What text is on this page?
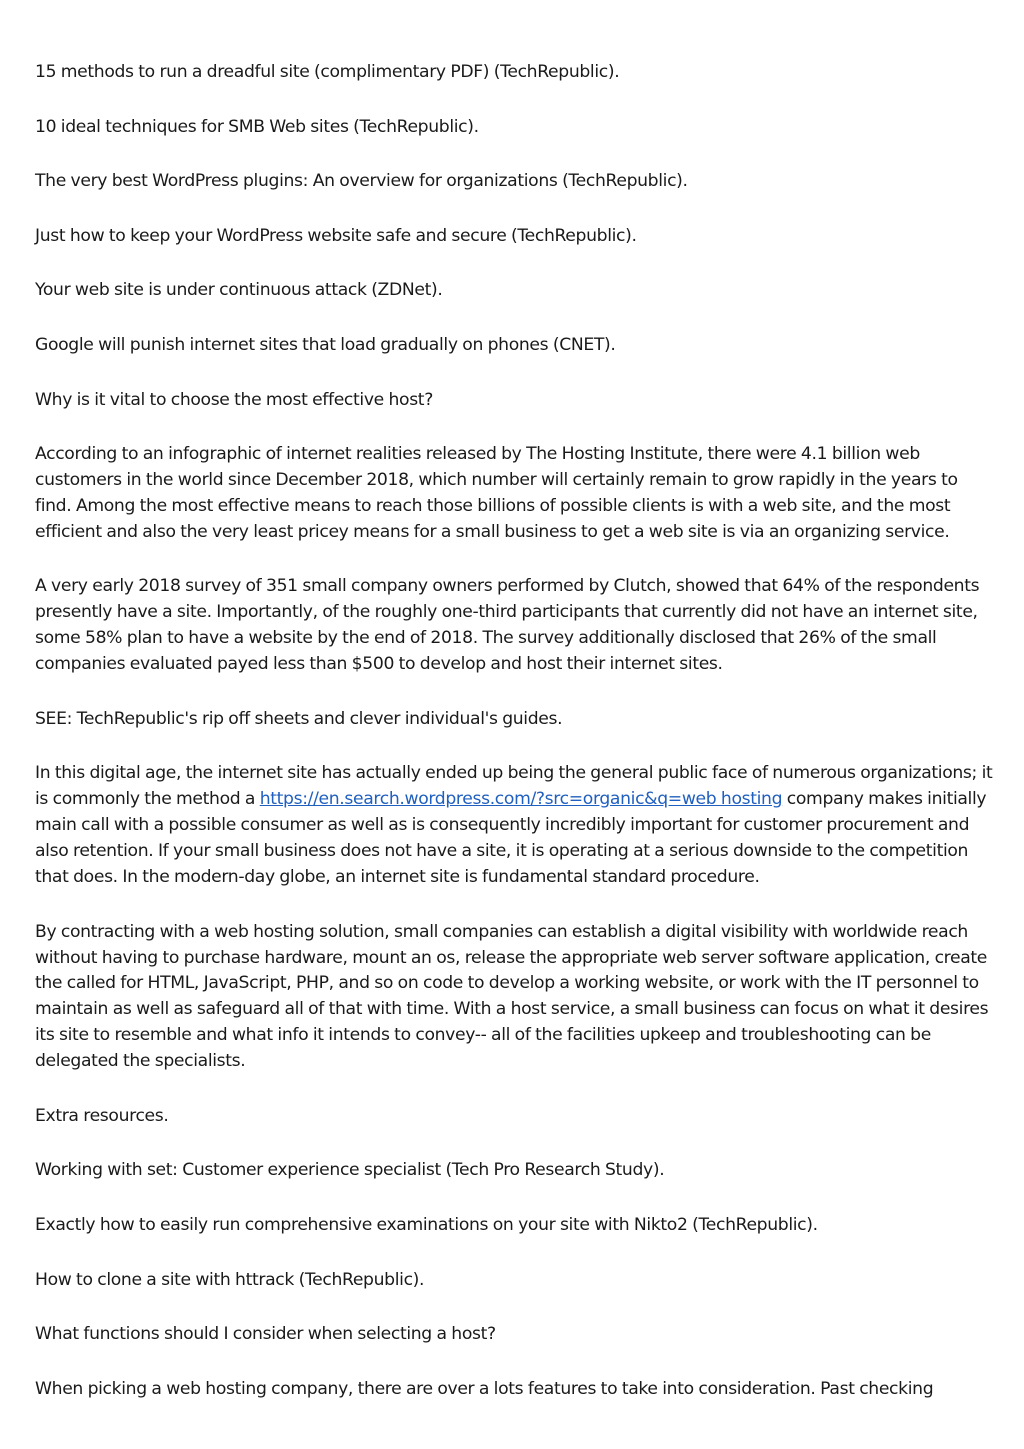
15 methods to run a dreadful site (complimentary PDF) (TechRepublic).

10 ideal techniques for SMB Web sites (TechRepublic).

The very best WordPress plugins: An overview for organizations (TechRepublic).

Just how to keep your WordPress website safe and secure (TechRepublic).

Your web site is under continuous attack (ZDNet).

Google will punish internet sites that load gradually on phones (CNET).

Why is it vital to choose the most effective host?

According to an infographic of internet realities released by The Hosting Institute, there were 4.1 billion web customers in the world since December 2018, which number will certainly remain to grow rapidly in the years to find. Among the most effective means to reach those billions of possible clients is with a web site, and the most efficient and also the very least pricey means for a small business to get a web site is via an organizing service.

A very early 2018 survey of 351 small company owners performed by Clutch, showed that 64% of the respondents presently have a site. Importantly, of the roughly one-third participants that currently did not have an internet site, some 58% plan to have a website by the end of 2018. The survey additionally disclosed that 26% of the small companies evaluated payed less than $500 to develop and host their internet sites.

SEE: TechRepublic's rip off sheets and clever individual's guides.

In this digital age, the internet site has actually ended up being the general public face of numerous organizations; it is commonly the method a https://en.search.wordpress.com/?src=organic&q=web hosting company makes initially main call with a possible consumer as well as is consequently incredibly important for customer procurement and also retention. If your small business does not have a site, it is operating at a serious downside to the competition that does. In the modern-day globe, an internet site is fundamental standard procedure.

By contracting with a web hosting solution, small companies can establish a digital visibility with worldwide reach without having to purchase hardware, mount an os, release the appropriate web server software application, create the called for HTML, JavaScript, PHP, and so on code to develop a working website, or work with the IT personnel to maintain as well as safeguard all of that with time. With a host service, a small business can focus on what it desires its site to resemble and what info it intends to convey-- all of the facilities upkeep and troubleshooting can be delegated the specialists.

Extra resources.

Working with set: Customer experience specialist (Tech Pro Research Study).

Exactly how to easily run comprehensive examinations on your site with Nikto2 (TechRepublic).

How to clone a site with httrack (TechRepublic).

What functions should I consider when selecting a host?

When picking a web hosting company, there are over a lots features to take into consideration. Past checking
